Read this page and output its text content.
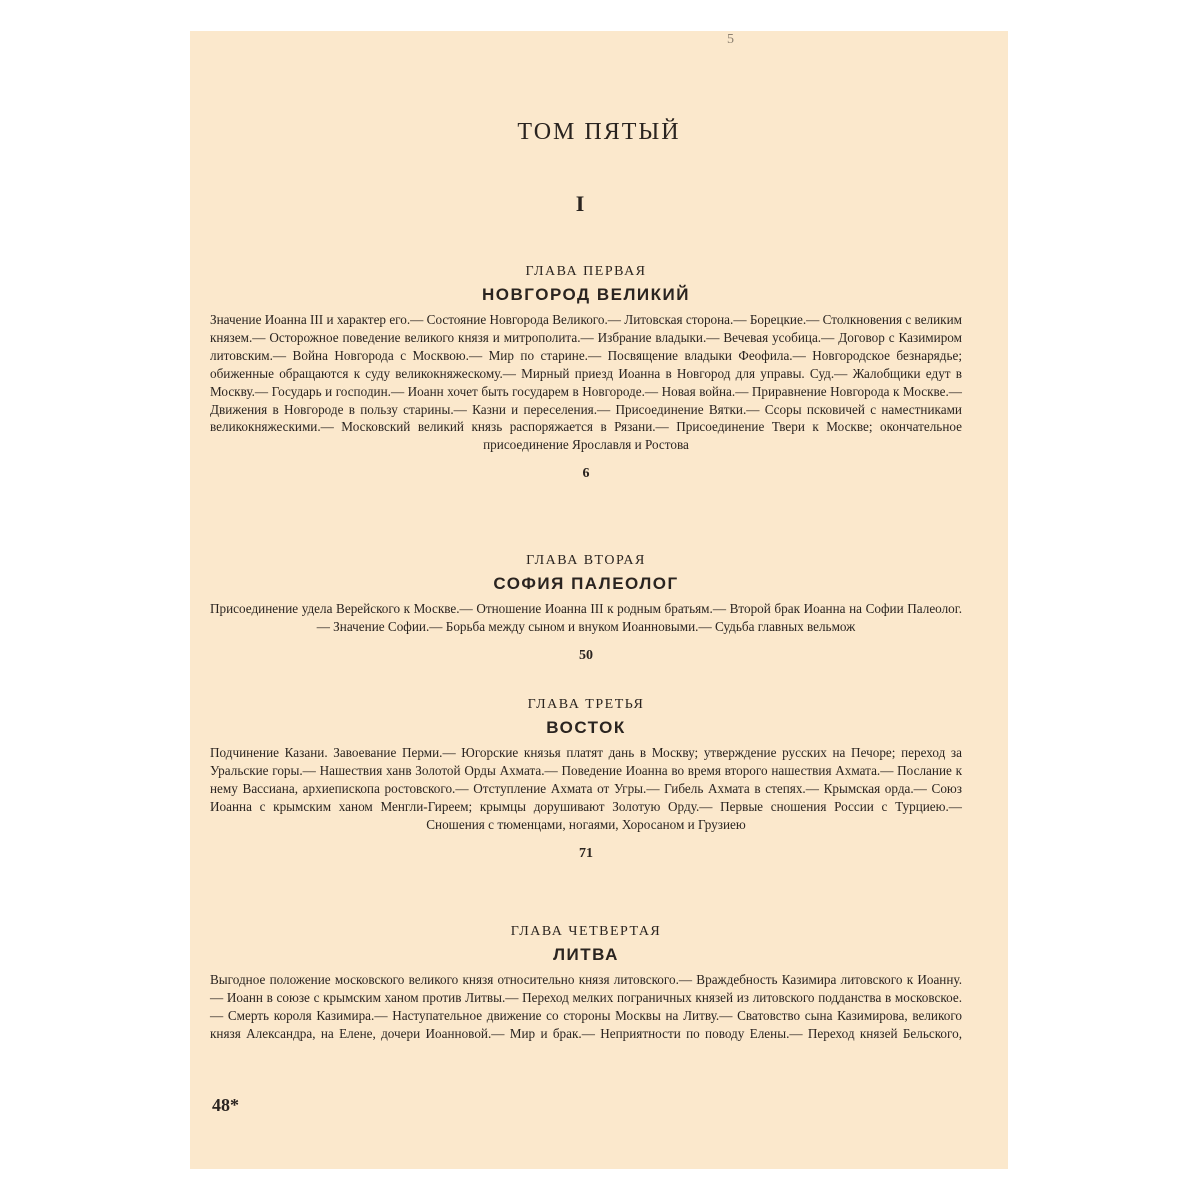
5
ТОМ ПЯТЫЙ
I
ГЛАВА ПЕРВАЯ
НОВГОРОД ВЕЛИКИЙ
Значение Иоанна III и характер его.— Состояние Новгорода Великого.— Литовская сторона.— Борецкие.— Столкновения с великим князем.— Осторожное поведение великого князя и митрополита.— Избрание владыки.— Вечевая усобица.— Договор с Казимиром литовским.— Война Новгорода с Москвою.— Мир по старине.— Посвящение владыки Феофила.— Новгородское безнарядье; обиженные обращаются к суду великокняжескому.— Мирный приезд Иоанна в Новгород для управы. Суд.— Жалобщики едут в Москву.— Государь и господин.— Иоанн хочет быть государем в Новгороде.— Новая война.— Приравнение Новгорода к Москве.— Движения в Новгороде в пользу старины.— Казни и переселения.— Присоединение Вятки.— Ссоры псковичей с наместниками великокняжескими.— Московский великий князь распоряжается в Рязани.— Присоединение Твери к Москве; окончательное присоединение Ярославля и Ростова
6
ГЛАВА ВТОРАЯ
СОФИЯ ПАЛЕОЛОГ
Присоединение удела Верейского к Москве.— Отношение Иоанна III к родным братьям.— Второй брак Иоанна на Софии Палеолог.— Значение Софии.— Борьба между сыном и внуком Иоанновыми.— Судьба главных вельмож
50
ГЛАВА ТРЕТЬЯ
ВОСТОК
Подчинение Казани. Завоевание Перми.— Югорские князья платят дань в Москву; утверждение русских на Печоре; переход за Уральские горы.— Нашествия ханв Золотой Орды Ахмата.— Поведение Иоанна во время второго нашествия Ахмата.— Послание к нему Вассиана, архиепископа ростовского.— Отступление Ахмата от Угры.— Гибель Ахмата в степях.— Крымская орда.— Союз Иоанна с крымским ханом Менгли-Гиреем; крымцы дорушивают Золотую Орду.— Первые сношения России с Турциею.— Сношения с тюменцами, ногаями, Хоросаном и Грузиею
71
ГЛАВА ЧЕТВЕРТАЯ
ЛИТВА
Выгодное положение московского великого князя относительно князя литовского.— Враждебность Казимира литовского к Иоанну.— Иоанн в союзе с крымским ханом против Литвы.— Переход мелких пограничных князей из литовского подданства в московское.— Смерть короля Казимира.— Наступательное движение со стороны Москвы на Литву.— Сватовство сына Казимирова, великого князя Александра, на Елене, дочери Иоанновой.— Мир и брак.— Неприятности по поводу Елены.— Переход князей Бельского,
48*
